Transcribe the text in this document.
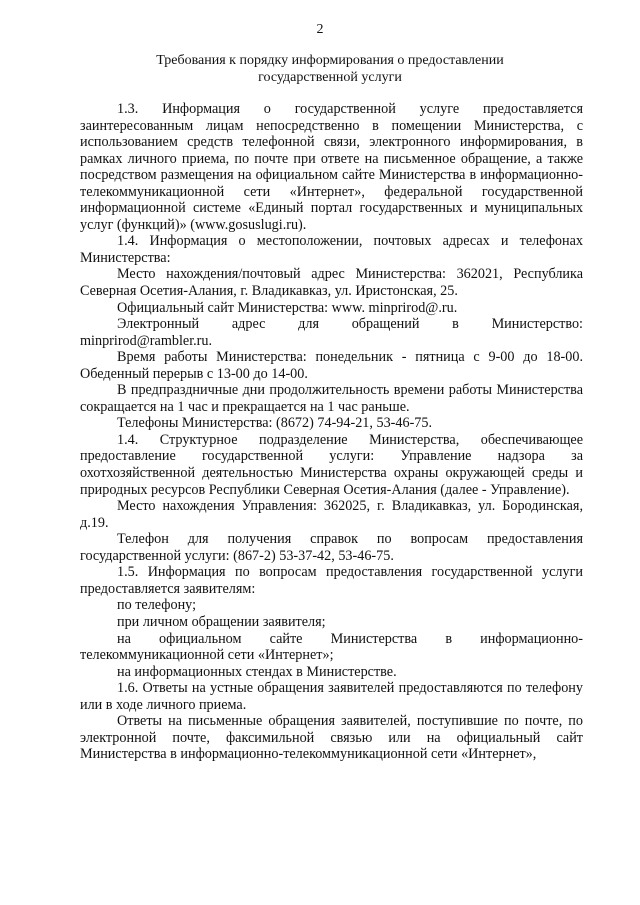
2
Требования к порядку информирования о предоставлении
государственной услуги

1.3. Информация о государственной услуге предоставляется заинтересованным лицам непосредственно в помещении Министерства, с использованием средств телефонной связи, электронного информирования, в рамках личного приема, по почте при ответе на письменное обращение, а также посредством размещения на официальном сайте Министерства в информационно-телекоммуникационной сети «Интернет», федеральной государственной информационной системе «Единый портал государственных и муниципальных услуг (функций)» (www.gosuslugi.ru).

1.4. Информация о местоположении, почтовых адресах и телефонах Министерства:

Место нахождения/почтовый адрес Министерства: 362021, Республика Северная Осетия-Алания, г. Владикавказ, ул. Иристонская, 25.

Официальный сайт Министерства: www. minprirod@.ru.

Электронный адрес для обращений в Министерство: minprirod@rambler.ru.

Время работы Министерства: понедельник - пятница с 9-00 до 18-00. Обеденный перерыв с 13-00 до 14-00.

В предпраздничные дни продолжительность времени работы Министерства сокращается на 1 час и прекращается на 1 час раньше.

Телефоны Министерства: (8672) 74-94-21, 53-46-75.

1.4. Структурное подразделение Министерства, обеспечивающее предоставление государственной услуги: Управление надзора за охотхозяйственной деятельностью Министерства охраны окружающей среды и природных ресурсов Республики Северная Осетия-Алания (далее - Управление).

Место нахождения Управления: 362025, г. Владикавказ, ул. Бородинская, д.19.

Телефон для получения справок по вопросам предоставления государственной услуги: (867-2) 53-37-42, 53-46-75.

1.5. Информация по вопросам предоставления государственной услуги предоставляется заявителям:

по телефону;

при личном обращении заявителя;

на официальном сайте Министерства в информационно-телекоммуникационной сети «Интернет»;

на информационных стендах в Министерстве.

1.6. Ответы на устные обращения заявителей предоставляются по телефону или в ходе личного приема.

Ответы на письменные обращения заявителей, поступившие по почте, по электронной почте, факсимильной связью или на официальный сайт Министерства в информационно-телекоммуникационной сети «Интернет»,
